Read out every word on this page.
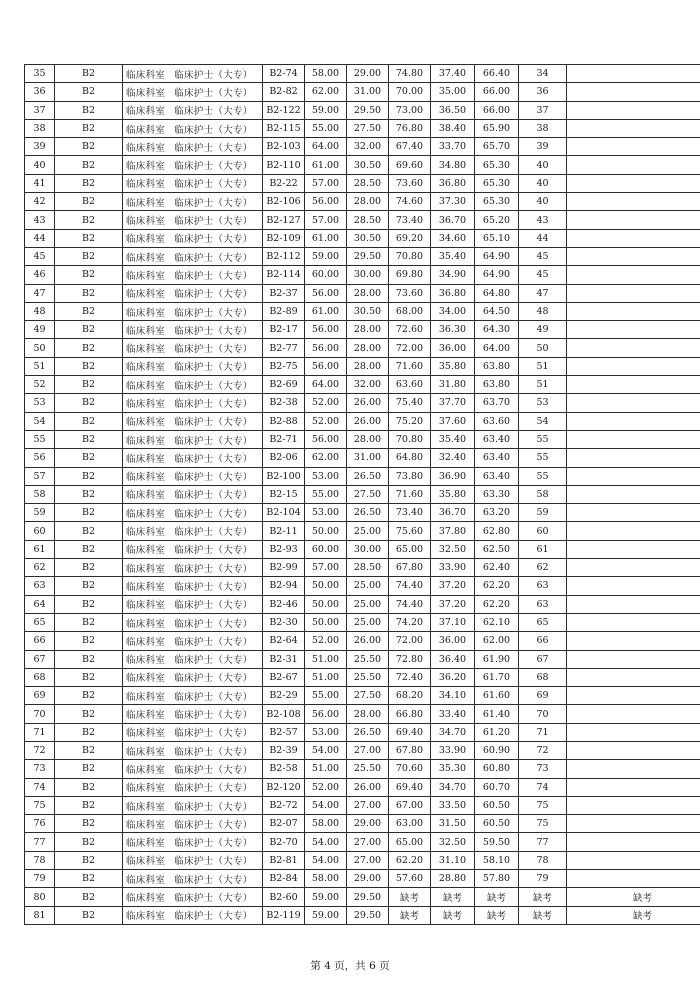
35	B2	临床科室 临床护士（大专）	B2-74	58.00	29.00	74.80	37.40	66.40	34	
36	B2	临床科室 临床护士（大专）	B2-82	62.00	31.00	70.00	35.00	66.00	36	
37	B2	临床科室 临床护士（大专）	B2-122	59.00	29.50	73.00	36.50	66.00	37	
38	B2	临床科室 临床护士（大专）	B2-115	55.00	27.50	76.80	38.40	65.90	38	
39	B2	临床科室 临床护士（大专）	B2-103	64.00	32.00	67.40	33.70	65.70	39	
40	B2	临床科室 临床护士（大专）	B2-110	61.00	30.50	69.60	34.80	65.30	40	
41	B2	临床科室 临床护士（大专）	B2-22	57.00	28.50	73.60	36.80	65.30	40	
42	B2	临床科室 临床护士（大专）	B2-106	56.00	28.00	74.60	37.30	65.30	40	
43	B2	临床科室 临床护士（大专）	B2-127	57.00	28.50	73.40	36.70	65.20	43	
44	B2	临床科室 临床护士（大专）	B2-109	61.00	30.50	69.20	34.60	65.10	44	
45	B2	临床科室 临床护士（大专）	B2-112	59.00	29.50	70.80	35.40	64.90	45	
46	B2	临床科室 临床护士（大专）	B2-114	60.00	30.00	69.80	34.90	64.90	45	
47	B2	临床科室 临床护士（大专）	B2-37	56.00	28.00	73.60	36.80	64.80	47	
48	B2	临床科室 临床护士（大专）	B2-89	61.00	30.50	68.00	34.00	64.50	48	
49	B2	临床科室 临床护士（大专）	B2-17	56.00	28.00	72.60	36.30	64.30	49	
50	B2	临床科室 临床护士（大专）	B2-77	56.00	28.00	72.00	36.00	64.00	50	
51	B2	临床科室 临床护士（大专）	B2-75	56.00	28.00	71.60	35.80	63.80	51	
52	B2	临床科室 临床护士（大专）	B2-69	64.00	32.00	63.60	31.80	63.80	51	
53	B2	临床科室 临床护士（大专）	B2-38	52.00	26.00	75.40	37.70	63.70	53	
54	B2	临床科室 临床护士（大专）	B2-88	52.00	26.00	75.20	37.60	63.60	54	
55	B2	临床科室 临床护士（大专）	B2-71	56.00	28.00	70.80	35.40	63.40	55	
56	B2	临床科室 临床护士（大专）	B2-06	62.00	31.00	64.80	32.40	63.40	55	
57	B2	临床科室 临床护士（大专）	B2-100	53.00	26.50	73.80	36.90	63.40	55	
58	B2	临床科室 临床护士（大专）	B2-15	55.00	27.50	71.60	35.80	63.30	58	
59	B2	临床科室 临床护士（大专）	B2-104	53.00	26.50	73.40	36.70	63.20	59	
60	B2	临床科室 临床护士（大专）	B2-11	50.00	25.00	75.60	37.80	62.80	60	
61	B2	临床科室 临床护士（大专）	B2-93	60.00	30.00	65.00	32.50	62.50	61	
62	B2	临床科室 临床护士（大专）	B2-99	57.00	28.50	67.80	33.90	62.40	62	
63	B2	临床科室 临床护士（大专）	B2-94	50.00	25.00	74.40	37.20	62.20	63	
64	B2	临床科室 临床护士（大专）	B2-46	50.00	25.00	74.40	37.20	62.20	63	
65	B2	临床科室 临床护士（大专）	B2-30	50.00	25.00	74.20	37.10	62.10	65	
66	B2	临床科室 临床护士（大专）	B2-64	52.00	26.00	72.00	36.00	62.00	66	
67	B2	临床科室 临床护士（大专）	B2-31	51.00	25.50	72.80	36.40	61.90	67	
68	B2	临床科室 临床护士（大专）	B2-67	51.00	25.50	72.40	36.20	61.70	68	
69	B2	临床科室 临床护士（大专）	B2-29	55.00	27.50	68.20	34.10	61.60	69	
70	B2	临床科室 临床护士（大专）	B2-108	56.00	28.00	66.80	33.40	61.40	70	
71	B2	临床科室 临床护士（大专）	B2-57	53.00	26.50	69.40	34.70	61.20	71	
72	B2	临床科室 临床护士（大专）	B2-39	54.00	27.00	67.80	33.90	60.90	72	
73	B2	临床科室 临床护士（大专）	B2-58	51.00	25.50	70.60	35.30	60.80	73	
74	B2	临床科室 临床护士（大专）	B2-120	52.00	26.00	69.40	34.70	60.70	74	
75	B2	临床科室 临床护士（大专）	B2-72	54.00	27.00	67.00	33.50	60.50	75	
76	B2	临床科室 临床护士（大专）	B2-07	58.00	29.00	63.00	31.50	60.50	75	
77	B2	临床科室 临床护士（大专）	B2-70	54.00	27.00	65.00	32.50	59.50	77	
78	B2	临床科室 临床护士（大专）	B2-81	54.00	27.00	62.20	31.10	58.10	78	
79	B2	临床科室 临床护士（大专）	B2-84	58.00	29.00	57.60	28.80	57.80	79	
80	B2	临床科室 临床护士（大专）	B2-60	59.00	29.50	缺考	缺考	缺考	缺考	缺考
81	B2	临床科室 临床护士（大专）	B2-119	59.00	29.50	缺考	缺考	缺考	缺考	缺考
第 4 页，共 6 页
